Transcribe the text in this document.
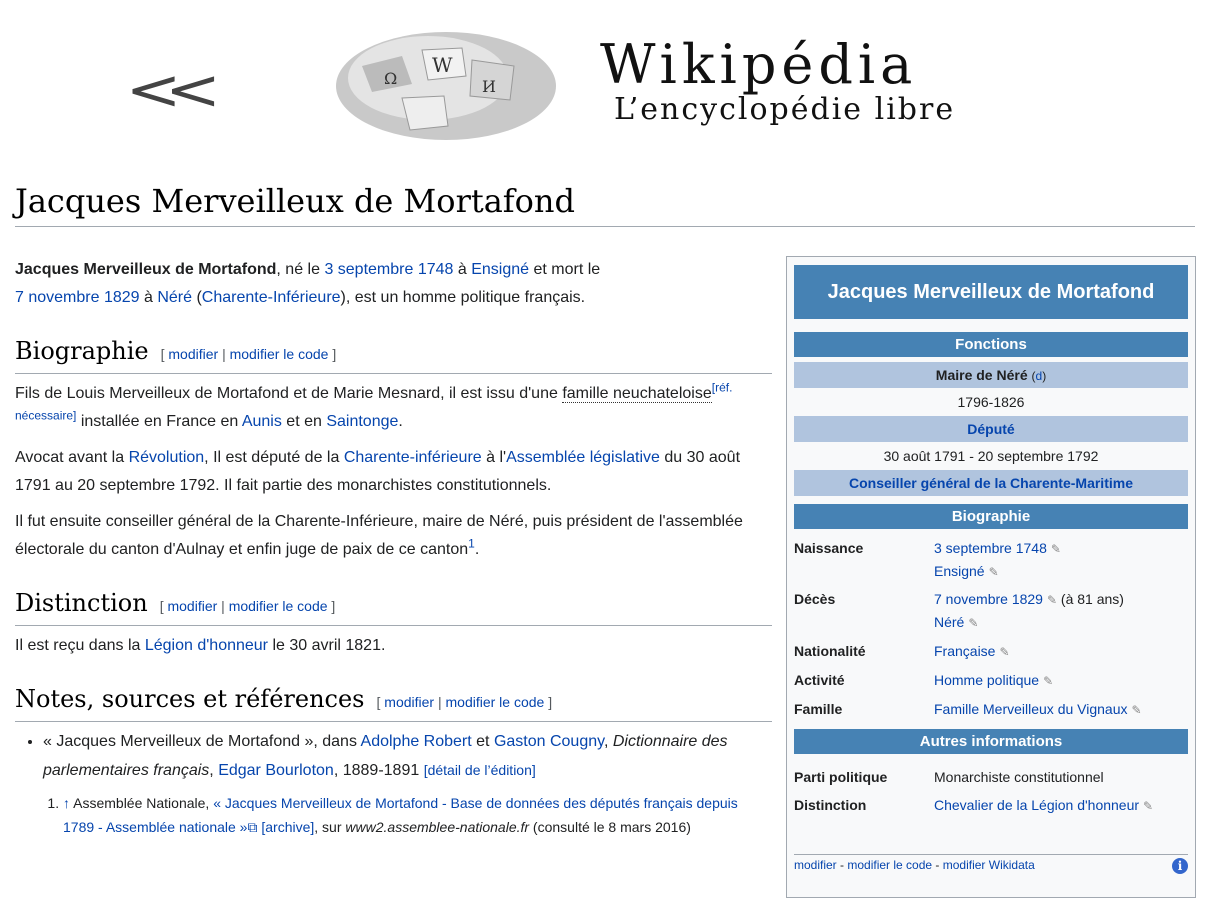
<<	W
Ω	И Wikipédia
L’encyclopédie libre
Jacques Merveilleux de Mortafond

Jacques Merveilleux de Mortafond, né le 3 septembre 1748 à Ensigné et mort le
7 novembre 1829 à Néré (Charente-Inférieure), est un homme politique français.

Biographie [ modifier | modifier le code ]

Fils de Louis Merveilleux de Mortafond et de Marie Mesnard, il est issu d'une famille neuchateloise[réf. nécessaire] installée en France en Aunis et en Saintonge.

Avocat avant la Révolution, Il est député de la Charente-inférieure à l'Assemblée législative du 30 août 1791 au 20 septembre 1792. Il fait partie des monarchistes constitutionnels.

Il fut ensuite conseiller général de la Charente-Inférieure, maire de Néré, puis président de l'assemblée électorale du canton d'Aulnay et enfin juge de paix de ce canton$^1$.

Distinction [ modifier | modifier le code ]

Il est reçu dans la Légion d'honneur le 30 avril 1821.

Notes, sources et références [ modifier | modifier le code ]
• « Jacques Merveilleux de Mortafond », dans Adolphe Robert et Gaston Cougny, Dictionnaire des parlementaires français, Edgar Bourloton, 1889-1891 [détail de l’édition]
1. ↑ Assemblée Nationale, « Jacques Merveilleux de Mortafond - Base de données des députés français depuis 1789 - Assemblée nationale »⧉ [archive], sur www2.assemblee-nationale.fr (consulté le 8 mars 2016)
Jacques Merveilleux de Mortafond
Fonctions
Maire de Néré (d)
1796-1826
Député
30 août 1791 - 20 septembre 1792
Conseiller général de la Charente-Maritime
Biographie
Naissance	3 septembre 1748 ✎
Ensigné ✎
Décès	7 novembre 1829 ✎ (à 81 ans)
Néré ✎
Nationalité	Française ✎
Activité	Homme politique ✎
Famille	Famille Merveilleux du Vignaux ✎
Autres informations
Parti politique	Monarchiste constitutionnel
Distinction	Chevalier de la Légion d'honneur ✎
modifier - modifier le code - modifier Wikidata	i
